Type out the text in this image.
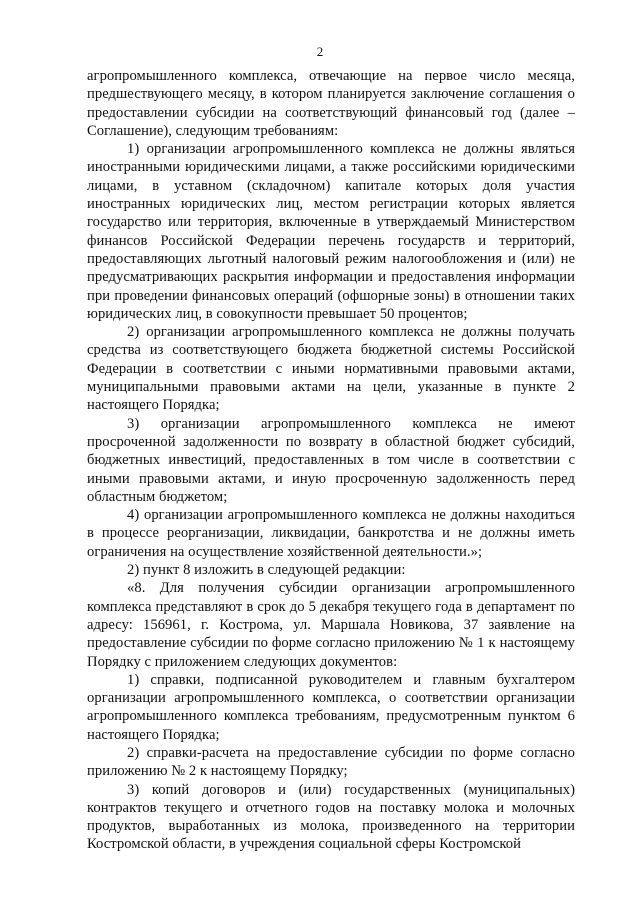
2

агропромышленного комплекса, отвечающие на первое число месяца, предшествующего месяцу, в котором планируется заключение соглашения о предоставлении субсидии на соответствующий финансовый год (далее – Соглашение), следующим требованиям:

1) организации агропромышленного комплекса не должны являться иностранными юридическими лицами, а также российскими юридическими лицами, в уставном (складочном) капитале которых доля участия иностранных юридических лиц, местом регистрации которых является государство или территория, включенные в утверждаемый Министерством финансов Российской Федерации перечень государств и территорий, предоставляющих льготный налоговый режим налогообложения и (или) не предусматривающих раскрытия информации и предоставления информации при проведении финансовых операций (офшорные зоны) в отношении таких юридических лиц, в совокупности превышает 50 процентов;

2) организации агропромышленного комплекса не должны получать средства из соответствующего бюджета бюджетной системы Российской Федерации в соответствии с иными нормативными правовыми актами, муниципальными правовыми актами на цели, указанные в пункте 2 настоящего Порядка;

3) организации агропромышленного комплекса не имеют просроченной задолженности по возврату в областной бюджет субсидий, бюджетных инвестиций, предоставленных в том числе в соответствии с иными правовыми актами, и иную просроченную задолженность перед областным бюджетом;

4) организации агропромышленного комплекса не должны находиться в процессе реорганизации, ликвидации, банкротства и не должны иметь ограничения на осуществление хозяйственной деятельности.»;

2) пункт 8 изложить в следующей редакции:

«8. Для получения субсидии организации агропромышленного комплекса представляют в срок до 5 декабря текущего года в департамент по адресу: 156961, г. Кострома, ул. Маршала Новикова, 37 заявление на предоставление субсидии по форме согласно приложению № 1 к настоящему Порядку с приложением следующих документов:

1) справки, подписанной руководителем и главным бухгалтером организации агропромышленного комплекса, о соответствии организации агропромышленного комплекса требованиям, предусмотренным пунктом 6 настоящего Порядка;

2) справки-расчета на предоставление субсидии по форме согласно приложению № 2 к настоящему Порядку;

3) копий договоров и (или) государственных (муниципальных) контрактов текущего и отчетного годов на поставку молока и молочных продуктов, выработанных из молока, произведенного на территории Костромской области, в учреждения социальной сферы Костромской
